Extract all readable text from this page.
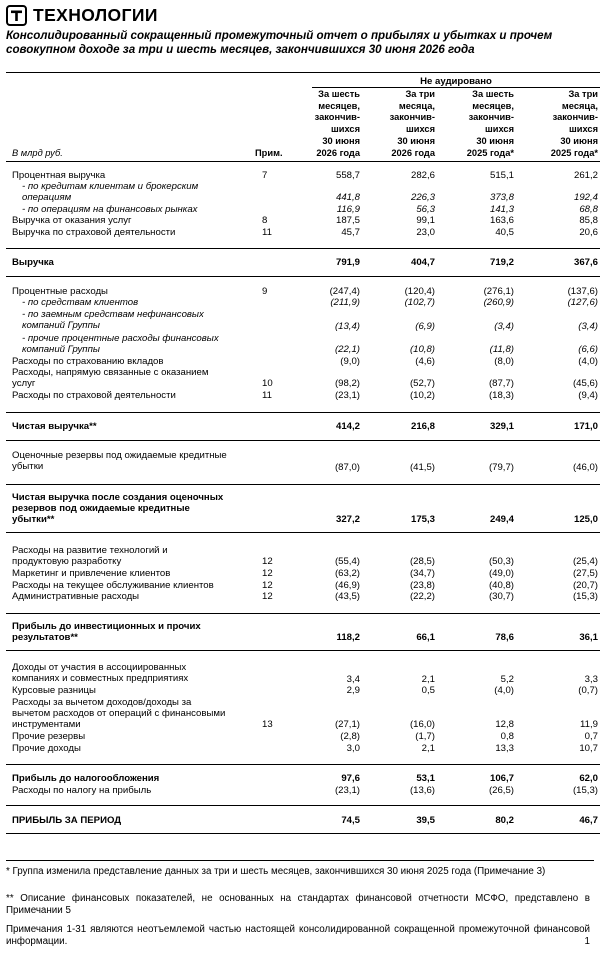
ТЕХНОЛОГИИ
Консолидированный сокращенный промежуточный отчет о прибылях и убытках и прочем совокупном доходе за три и шесть месяцев, закончившихся 30 июня 2026 года
Не аудировано
За шесть
месяцев,
закончив-
шихся
30 июня
2026 года
За три
месяца,
закончив-
шихся
30 июня
2026 года
За шесть
месяцев,
закончив-
шихся
30 июня
2025 года*
За три
месяца,
закончив-
шихся
30 июня
2025 года*
В млрд руб.	Прим.
Процентная выручка	7	558,7	282,6	515,1	261,2
- по кредитам клиентам и брокерским
операциям	441,8	226,3	373,8	192,4
- по операциям на финансовых рынках	116,9	56,3	141,3	68,8
Выручка от оказания услуг	8	187,5	99,1	163,6	85,8
Выручка по страховой деятельности	11	45,7	23,0	40,5	20,6
Выручка	791,9	404,7	719,2	367,6
Процентные расходы	9	(247,4)	(120,4)	(276,1)	(137,6)
- по средствам клиентов	(211,9)	(102,7)	(260,9)	(127,6)
- по заемным средствам нефинансовых
компаний Группы	(13,4)	(6,9)	(3,4)	(3,4)
- прочие процентные расходы финансовых
компаний Группы	(22,1)	(10,8)	(11,8)	(6,6)
Расходы по страхованию вкладов	(9,0)	(4,6)	(8,0)	(4,0)
Расходы, напрямую связанные с оказанием
услуг	10	(98,2)	(52,7)	(87,7)	(45,6)
Расходы по страховой деятельности	11	(23,1)	(10,2)	(18,3)	(9,4)
Чистая выручка**	414,2	216,8	329,1	171,0
Оценочные резервы под ожидаемые кредитные
убытки	(87,0)	(41,5)	(79,7)	(46,0)
Чистая выручка после создания оценочных
резервов под ожидаемые кредитные
убытки**	327,2	175,3	249,4	125,0
Расходы на развитие технологий и
продуктовую разработку	12	(55,4)	(28,5)	(50,3)	(25,4)
Маркетинг и привлечение клиентов	12	(63,2)	(34,7)	(49,0)	(27,5)
Расходы на текущее обслуживание клиентов	12	(46,9)	(23,8)	(40,8)	(20,7)
Административные расходы	12	(43,5)	(22,2)	(30,7)	(15,3)
Прибыль до инвестиционных и прочих
результатов**	118,2	66,1	78,6	36,1
Доходы от участия в ассоциированных
компаниях и совместных предприятиях	3,4	2,1	5,2	3,3
Курсовые разницы	2,9	0,5	(4,0)	(0,7)
Расходы за вычетом доходов/доходы за
вычетом расходов от операций с финансовыми
инструментами	13	(27,1)	(16,0)	12,8	11,9
Прочие резервы	(2,8)	(1,7)	0,8	0,7
Прочие доходы	3,0	2,1	13,3	10,7
Прибыль до налогообложения	97,6	53,1	106,7	62,0
Расходы по налогу на прибыль	(23,1)	(13,6)	(26,5)	(15,3)
ПРИБЫЛЬ ЗА ПЕРИОД	74,5	39,5	80,2	46,7
* Группа изменила представление данных за три и шесть месяцев, закончившихся 30 июня 2025 года (Примечание 3)
** Описание финансовых показателей, не основанных на стандартах финансовой отчетности МСФО, представлено в Примечании 5
Примечания 1-31 являются неотъемлемой частью настоящей консолидированной сокращенной промежуточной финансовой информации.	1
